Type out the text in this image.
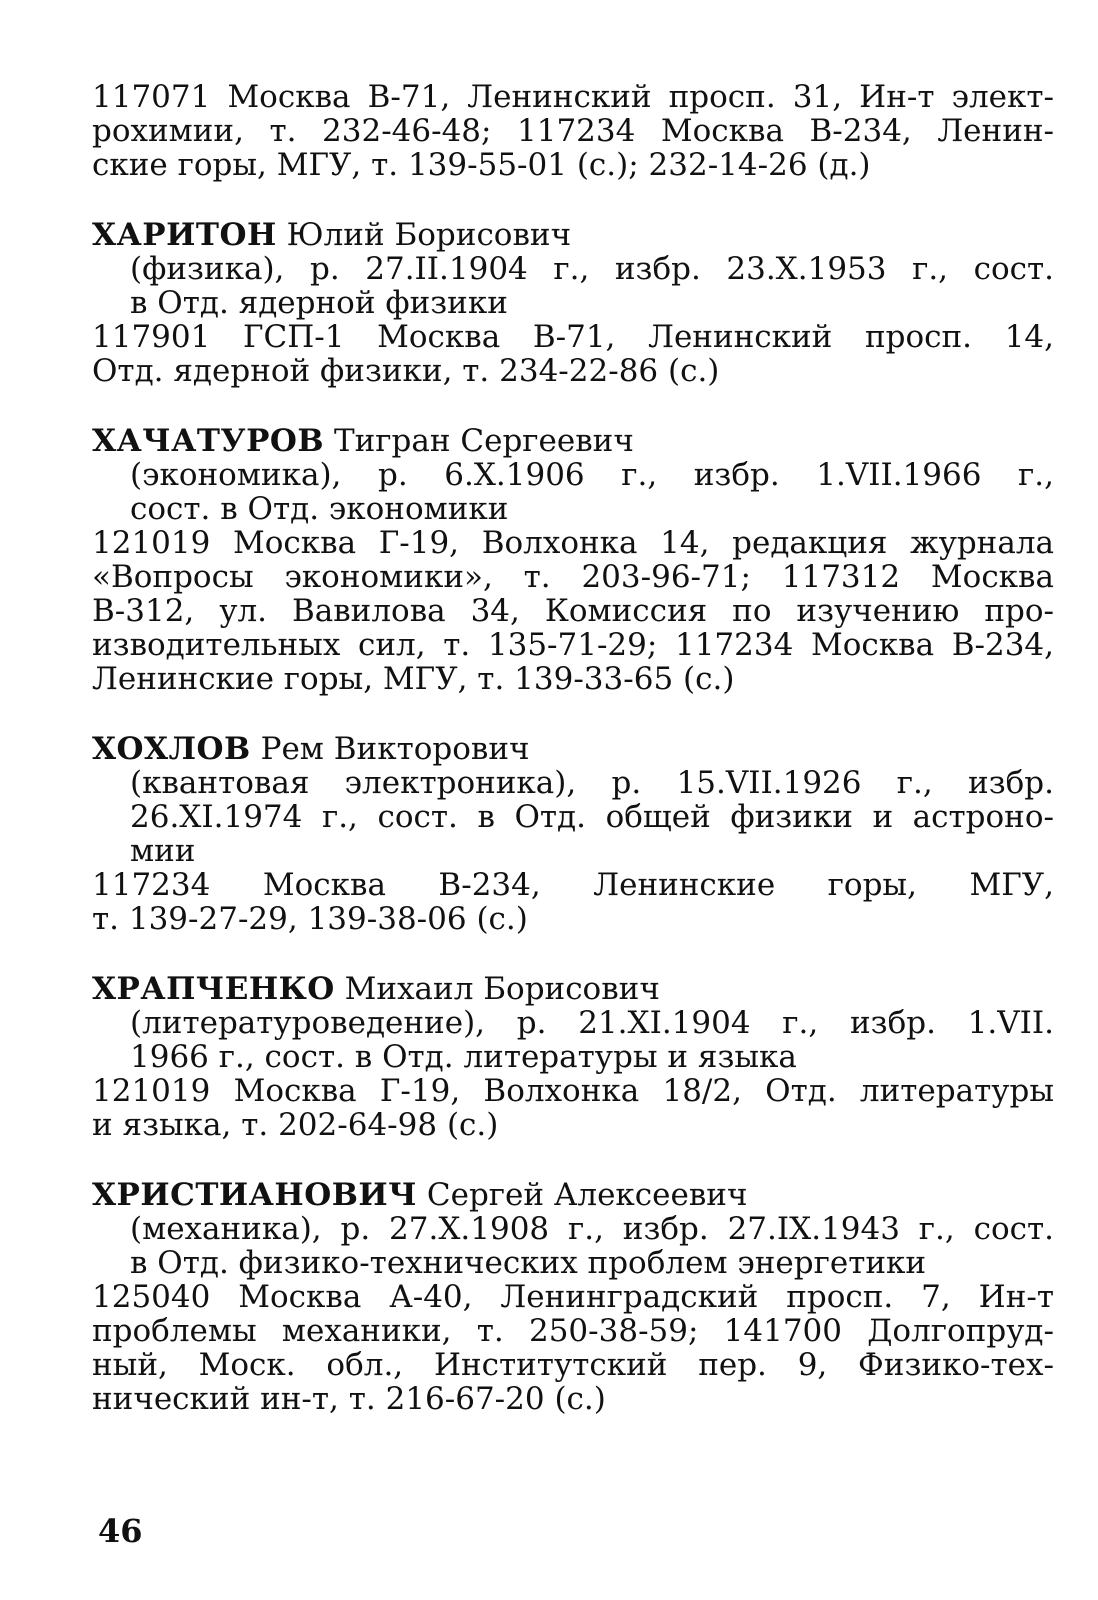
117071 Москва В-71, Ленинский просп. 31, Ин-т элект-
рохимии, т. 232-46-48; 117234 Москва В-234, Ленин-
ские горы, МГУ, т. 139-55-01 (с.); 232-14-26 (д.)
ХАРИТОН Юлий Борисович
(физика), р. 27.II.1904 г., избр. 23.X.1953 г., сост.
в Отд. ядерной физики
117901 ГСП-1 Москва В-71, Ленинский просп. 14,
Отд. ядерной физики, т. 234-22-86 (с.)
ХАЧАТУРОВ Тигран Сергеевич
(экономика), р. 6.X.1906 г., избр. 1.VII.1966 г.,
сост. в Отд. экономики
121019 Москва Г-19, Волхонка 14, редакция журнала
«Вопросы экономики», т. 203-96-71; 117312 Москва
В-312, ул. Вавилова 34, Комиссия по изучению про-
изводительных сил, т. 135-71-29; 117234 Москва В-234,
Ленинские горы, МГУ, т. 139-33-65 (с.)
ХОХЛОВ Рем Викторович
(квантовая электроника), р. 15.VII.1926 г., избр.
26.XI.1974 г., сост. в Отд. общей физики и астроно-
мии
117234 Москва В-234, Ленинские горы, МГУ,
т. 139-27-29, 139-38-06 (с.)
ХРАПЧЕНКО Михаил Борисович
(литературоведение), р. 21.XI.1904 г., избр. 1.VII.
1966 г., сост. в Отд. литературы и языка
121019 Москва Г-19, Волхонка 18/2, Отд. литературы
и языка, т. 202-64-98 (с.)
ХРИСТИАНОВИЧ Сергей Алексеевич
(механика), р. 27.X.1908 г., избр. 27.IX.1943 г., сост.
в Отд. физико-технических проблем энергетики
125040 Москва А-40, Ленинградский просп. 7, Ин-т
проблемы механики, т. 250-38-59; 141700 Долгопруд-
ный, Моск. обл., Институтский пер. 9, Физико-тех-
нический ин-т, т. 216-67-20 (с.)
46
